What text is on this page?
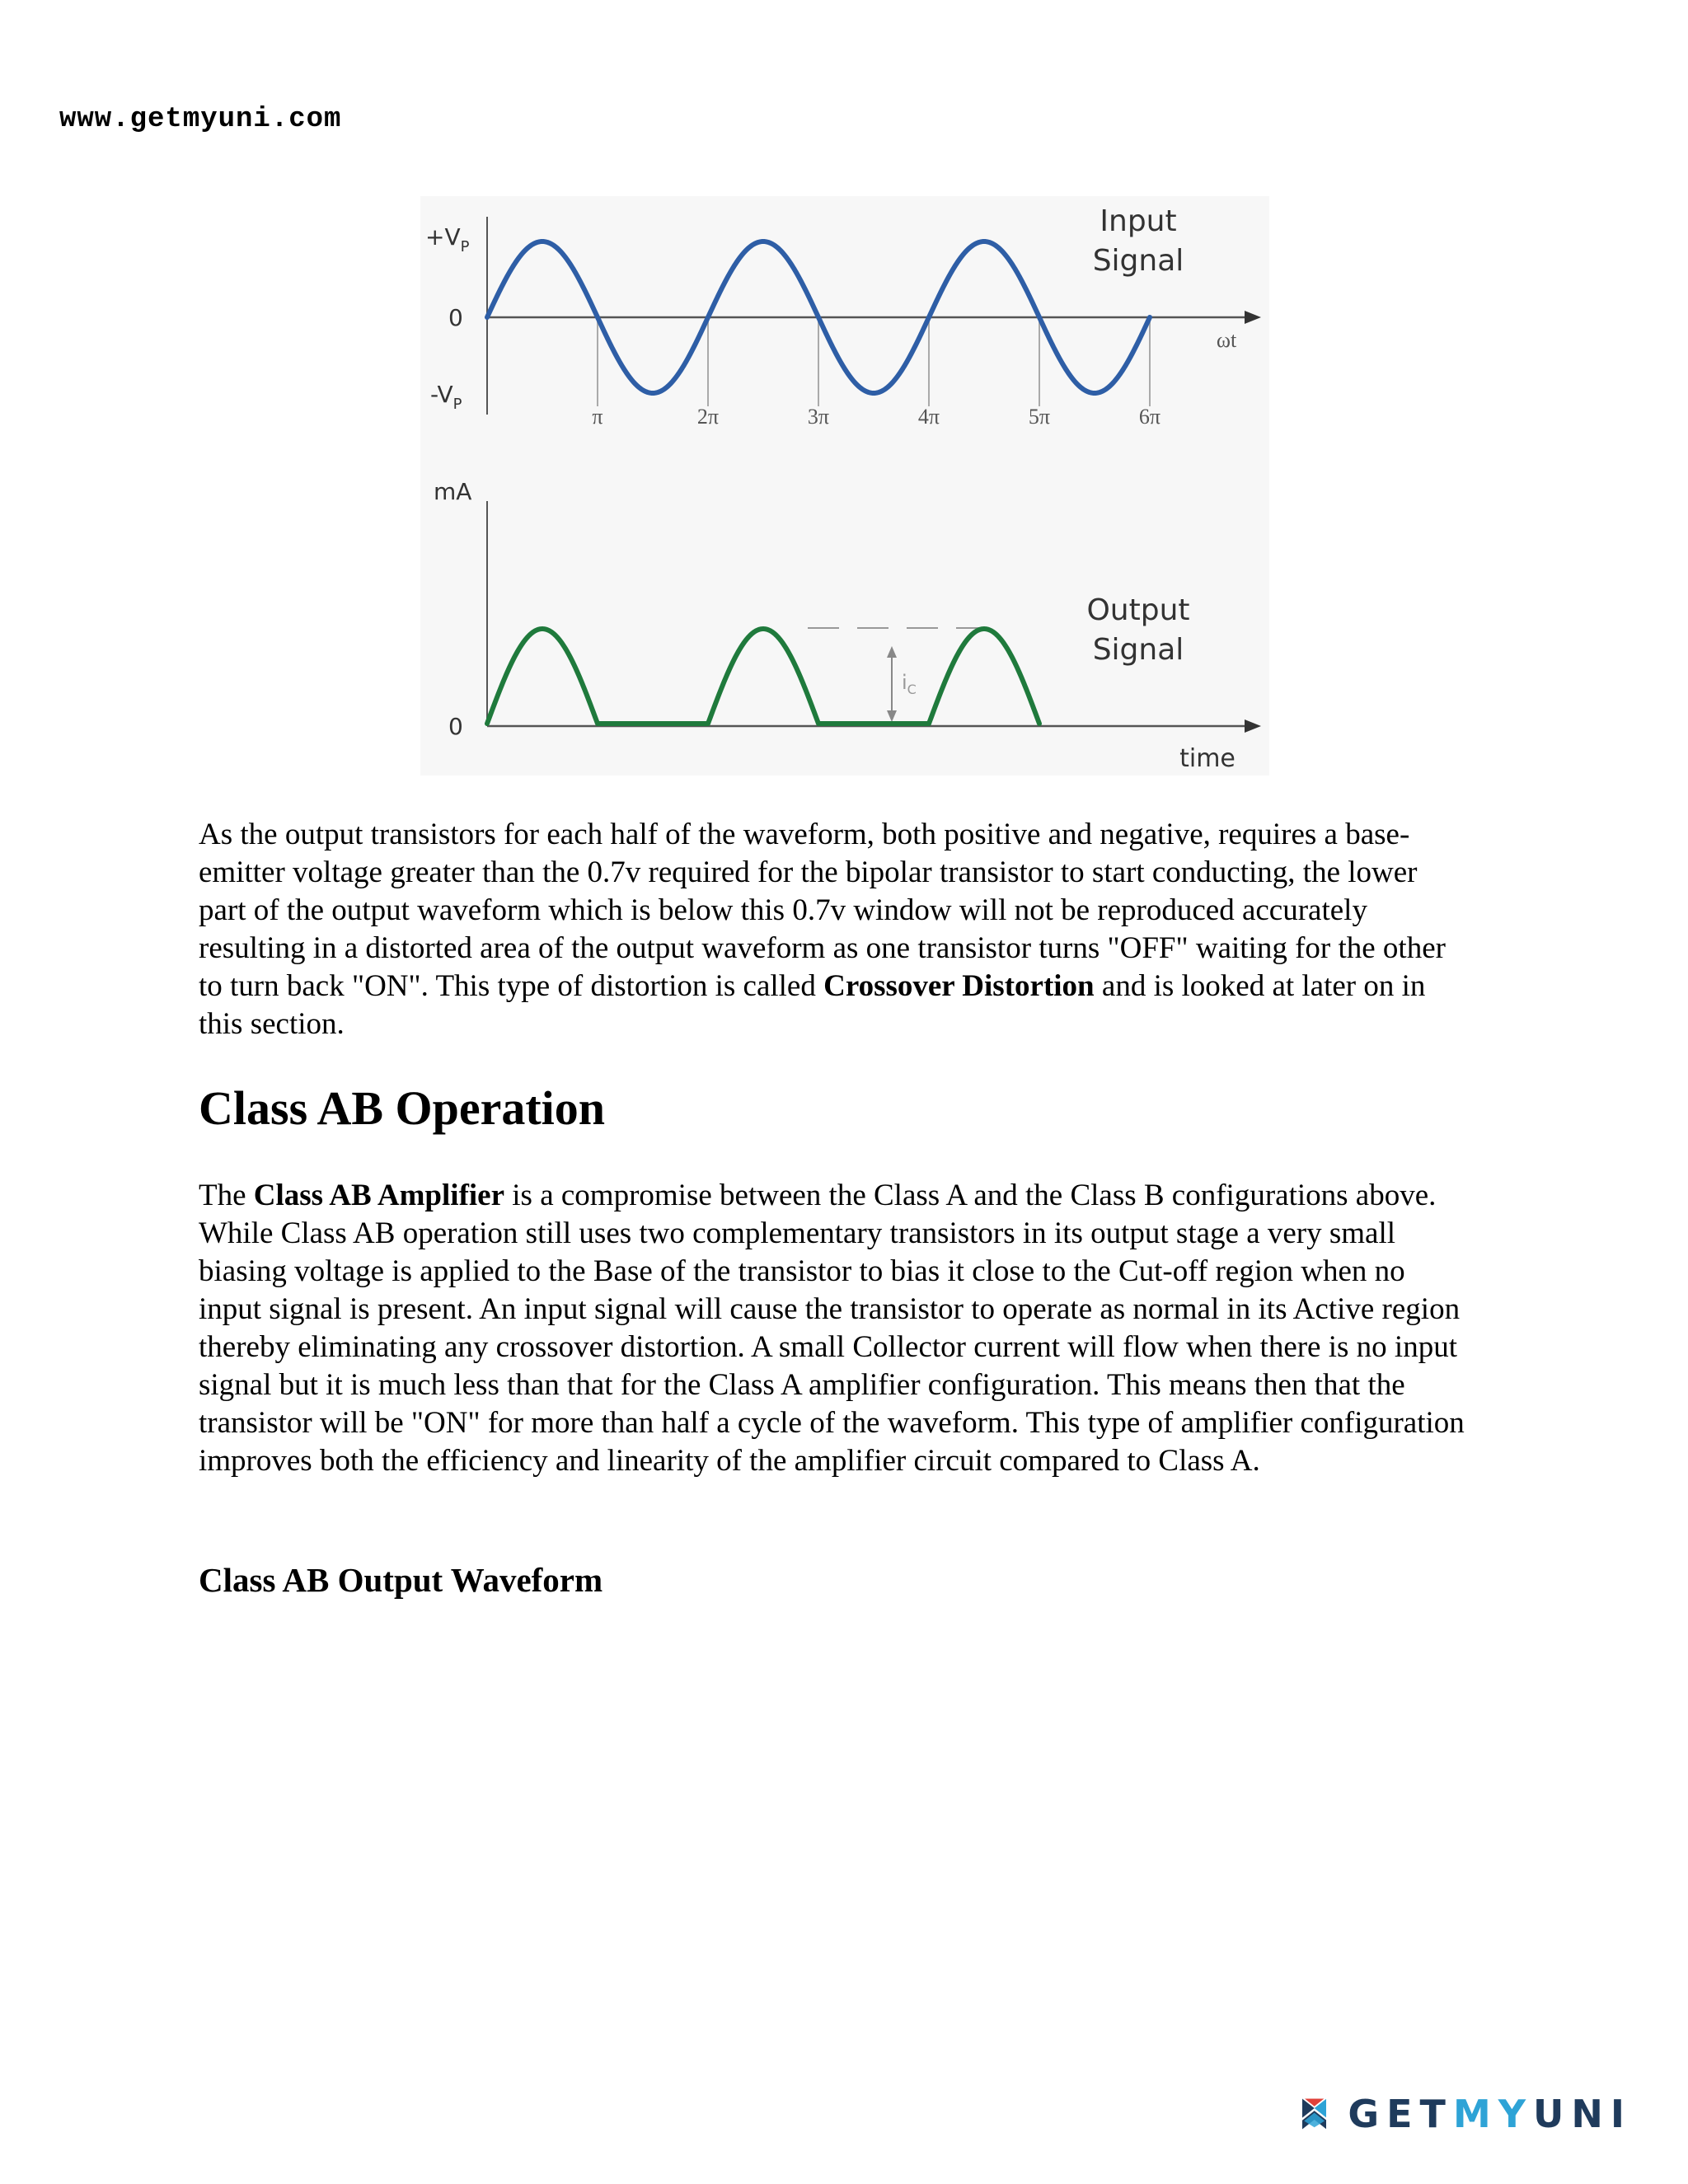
www.getmyuni.com
$+V_P$
0
$-V_P$
Input
Signal
ωt
π	2π	3π	4π	5π	6π
mA
0
Output
Signal
time
$i_C$

As the output transistors for each half of the waveform, both positive and negative, requires a base-emitter voltage greater than the 0.7v required for the bipolar transistor to start conducting, the lower part of the output waveform which is below this 0.7v window will not be reproduced accurately resulting in a distorted area of the output waveform as one transistor turns "OFF" waiting for the other to turn back "ON". This type of distortion is called Crossover Distortion and is looked at later on in this section.

Class AB Operation

The Class AB Amplifier is a compromise between the Class A and the Class B configurations above. While Class AB operation still uses two complementary transistors in its output stage a very small biasing voltage is applied to the Base of the transistor to bias it close to the Cut-off region when no input signal is present. An input signal will cause the transistor to operate as normal in its Active region thereby eliminating any crossover distortion. A small Collector current will flow when there is no input signal but it is much less than that for the Class A amplifier configuration. This means then that the transistor will be "ON" for more than half a cycle of the waveform. This type of amplifier configuration improves both the efficiency and linearity of the amplifier circuit compared to Class A.

Class AB Output Waveform
GETMYUNI
